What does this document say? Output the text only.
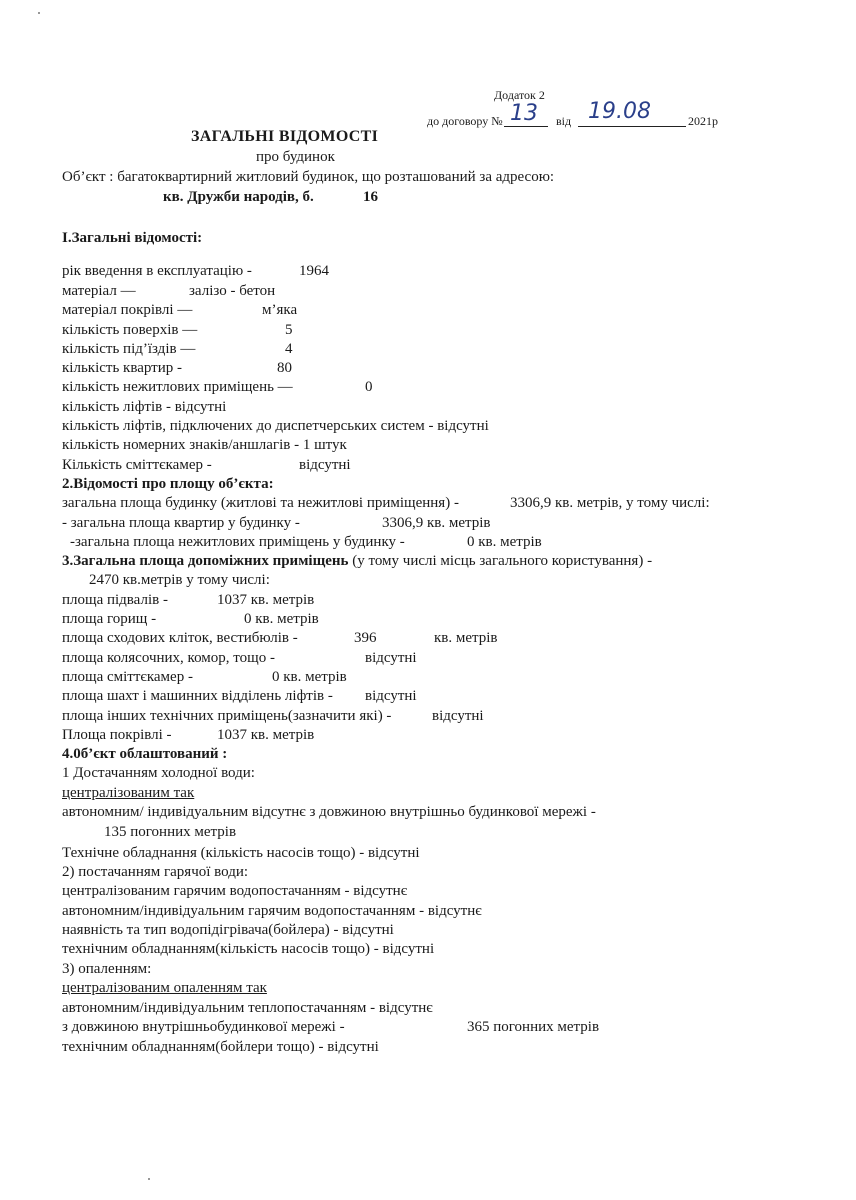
Додаток 2
до договору № 13 від 19.08	2021р
ЗАГАЛЬНІ ВІДОМОСТІ
про будинок
Об’єкт : багатоквартирний житловий будинок, що розташований за адресою:
кв. Дружби народів, б.	16
I.Загальні відомості:
рік введення в експлуатацію -	1964
матеріал —	залізо - бетон
матеріал покрівлі —	м’яка
кількість поверхів —	5
кількість під’їздів —	4
кількість квартир -	80
кількість нежитлових приміщень —	0
кількість ліфтів - відсутні
кількість ліфтів, підключених до диспетчерських систем - відсутні
кількість номерних знаків/аншлагів - 1 штук
Кількість сміттєкамер -	відсутні
2.Відомості про площу об’єкта:
загальна площа будинку (житлові та нежитлові приміщення) -	3306,9 кв. метрів, у тому числі:
- загальна площа квартир у будинку -	3306,9 кв. метрів
-загальна площа нежитлових приміщень у будинку -	0 кв. метрів
3.Загальна площа допоміжних приміщень (у тому числі місць загального користування) -
2470 кв.метрів у тому числі:
площа підвалів -	1037 кв. метрів
площа горищ -	0 кв. метрів
площа сходових кліток, вестибюлів -	396	кв. метрів
площа колясочних, комор, тощо -	відсутні
площа сміттєкамер -	0 кв. метрів
площа шахт і машинних відділень ліфтів - відсутні
площа інших технічних приміщень(зазначити які) -	відсутні
Площа покрівлі -	1037 кв. метрів
4.0б’єкт облаштований :
1 Достачанням холодної води:
централізованим так
автономним/ індивідуальним відсутнє з довжиною внутрішньо будинкової мережі -
135 погонних метрів
Технічне обладнання (кількість насосів тощо) - відсутні
2) постачанням гарячої води:
централізованим гарячим водопостачанням - відсутнє
автономним/індивідуальним гарячим водопостачанням - відсутнє
наявність та тип водопідігрівача(бойлера) - відсутні
технічним обладнанням(кількість насосів тощо) - відсутні
3) опаленням:
централізованим опаленням так
автономним/індивідуальним теплопостачанням - відсутнє
з довжиною внутрішньобудинкової мережі -	365 погонних метрів
технічним обладнанням(бойлери тощо) - відсутні
